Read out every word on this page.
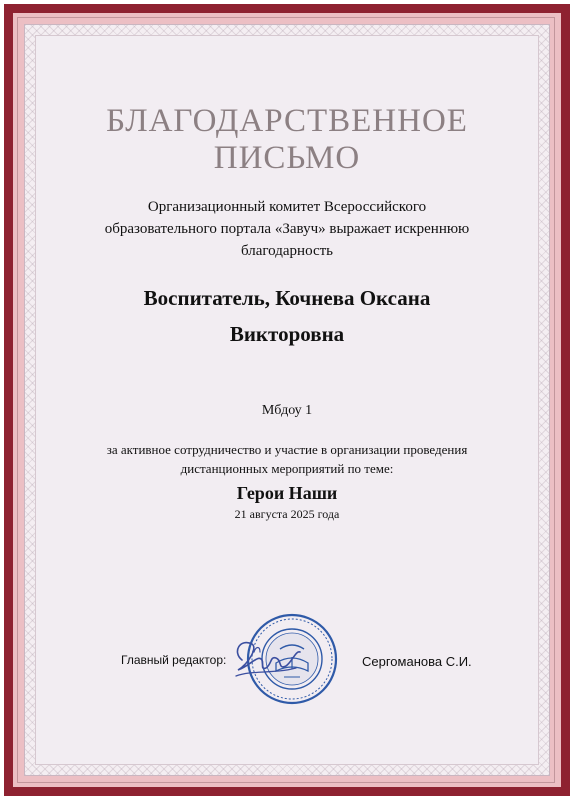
БЛАГОДАРСТВЕННОЕ
ПИСЬМО
Организационный комитет Всероссийского
образовательного портала «Завуч» выражает искреннюю
благодарность
Воспитатель, Кочнева Оксана
Викторовна
Мбдоу 1
за активное сотрудничество и участие в организации проведения
дистанционных мероприятий по теме:
Герои Наши
21 августа 2025 года
Главный редактор:	Сергоманова С.И.
